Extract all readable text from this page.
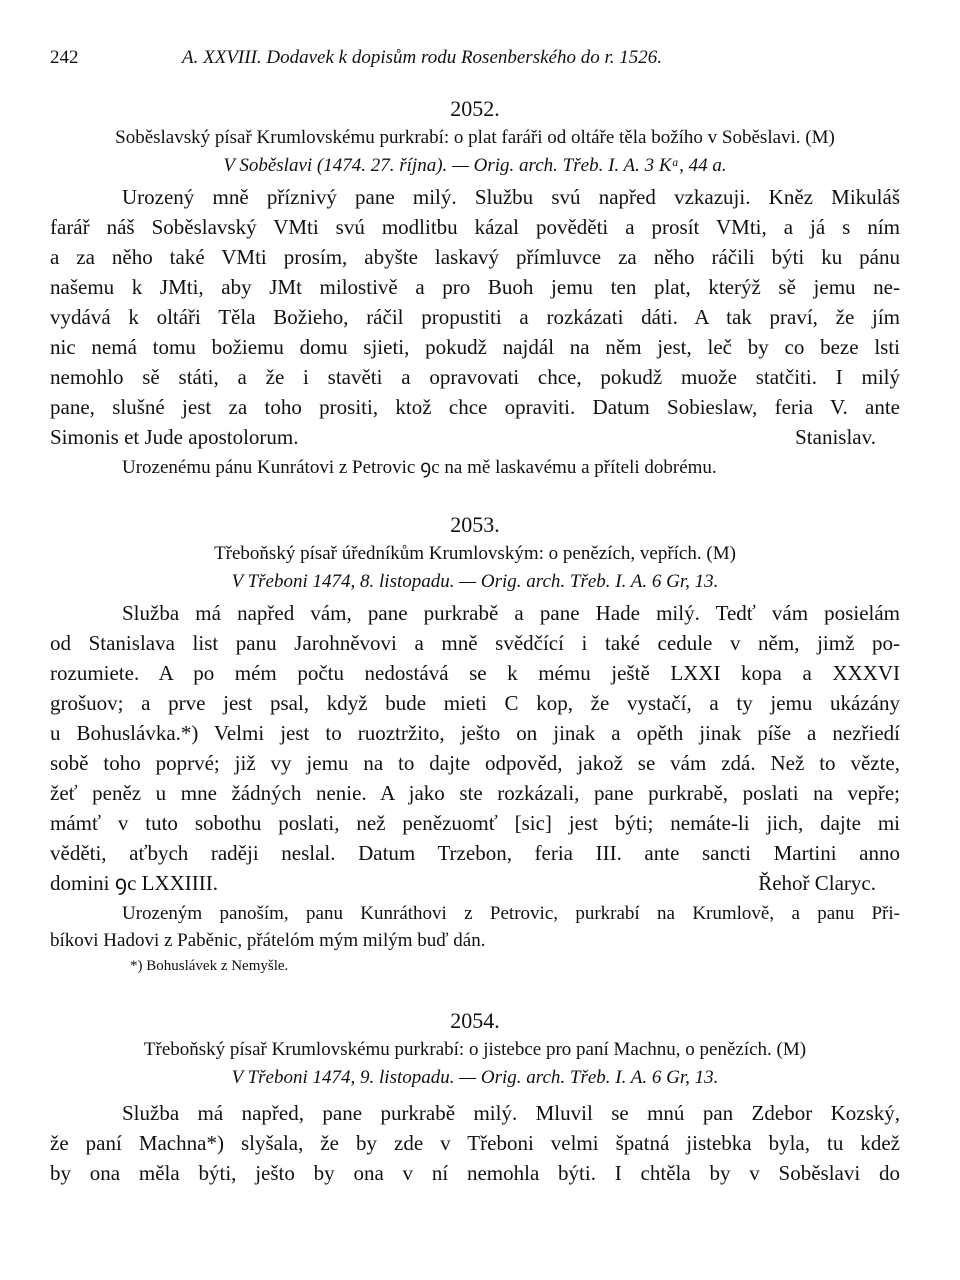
242	A. XXVIII. Dodavek k dopisům rodu Rosenberského do r. 1526.
2052.
Soběslavský písař Krumlovskému purkrabí: o plat faráři od oltáře těla božího v Soběslavi. (M)
V Soběslavi (1474. 27. října). — Orig. arch. Třeb. I. A. 3 Kᵃ, 44 a.
Urozený mně příznivý pane milý. Službu svú napřed vzkazuji. Kněz Mikuláš
farář náš Soběslavský VMti svú modlitbu kázal pověděti a prosít VMti, a já s ním
a za něho také VMti prosím, abyšte laskavý přímluvce za něho ráčili býti ku pánu
našemu k JMti, aby JMt milostivě a pro Buoh jemu ten plat, kterýž sě jemu ne-
vydává k oltáři Těla Božieho, ráčil propustiti a rozkázati dáti. A tak praví, že jím
nic nemá tomu božiemu domu sjieti, pokudž najdál na něm jest, leč by co beze lsti
nemohlo sě státi, a že i stavěti a opravovati chce, pokudž muože statčiti. I milý
pane, slušné jest za toho prositi, ktož chce opraviti. Datum Sobieslaw, feria V. ante
Simonis et Jude apostolorum.	Stanislav.
Urozenému pánu Kunrátovi z Petrovic ꝯc na mě laskavému a příteli dobrému.
2053.
Třeboňský písař úředníkům Krumlovským: o penězích, vepřích. (M)
V Třeboni 1474, 8. listopadu. — Orig. arch. Třeb. I. A. 6 Gr, 13.
Služba má napřed vám, pane purkrabě a pane Hade milý. Tedť vám posielám
od Stanislava list panu Jarohněvovi a mně svědčící i také cedule v něm, jimž po-
rozumiete. A po mém počtu nedostává se k mému ještě LXXI kopa a XXXVI
grošuov; a prve jest psal, když bude mieti C kop, že vystačí, a ty jemu ukázány
u Bohuslávka.*) Velmi jest to ruoztržito, ješto on jinak a opěth jinak píše a nezřiedí
sobě toho poprvé; již vy jemu na to dajte odpověd, jakož se vám zdá. Než to vězte,
žeť peněz u mne žádných nenie. A jako ste rozkázali, pane purkrabě, poslati na vepře;
mámť v tuto sobothu poslati, než penězuomť [sic] jest býti; nemáte-li jich, dajte mi
věděti, aťbych raději neslal. Datum Trzebon, feria III. ante sancti Martini anno
domini ꝯc LXXIIII.	Řehoř Claryc.
Urozeným panoším, panu Kunráthovi z Petrovic, purkrabí na Krumlově, a panu Při-
bíkovi Hadovi z Paběnic, přátelóm mým milým buď dán.
*) Bohuslávek z Nemyšle.
2054.
Třeboňský písař Krumlovskému purkrabí: o jistebce pro paní Machnu, o penězích. (M)
V Třeboni 1474, 9. listopadu. — Orig. arch. Třeb. I. A. 6 Gr, 13.
Služba má napřed, pane purkrabě milý. Mluvil se mnú pan Zdebor Kozský,
že paní Machna*) slyšala, že by zde v Třeboni velmi špatná jistebka byla, tu kdež
by ona měla býti, ješto by ona v ní nemohla býti. I chtěla by v Soběslavi do
